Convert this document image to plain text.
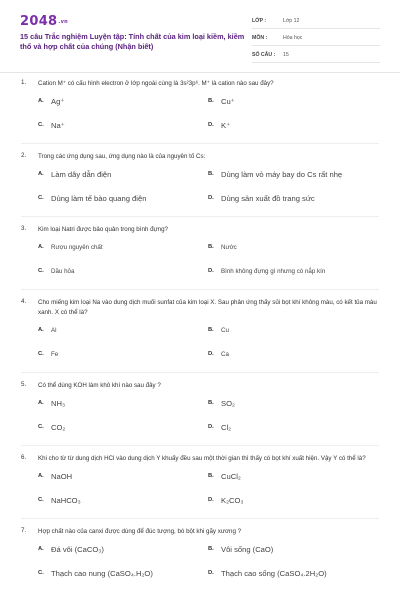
2048.vn
15 câu Trắc nghiệm Luyện tập: Tính chất của kim loại kiềm, kiềm thổ và hợp chất của chúng (Nhận biết)
LỚP :	Lớp 12
MÔN :	Hóa học
SỐ CÂU :	15
1. Cation M⁺ có cấu hình electron ở lớp ngoài cùng là 3s²3p⁶. M⁺ là cation nào sau đây?
A. Ag⁺	B. Cu⁺
C. Na⁺	D. K⁺
2. Trong các ứng dụng sau, ứng dụng nào là của nguyên tố Cs:
A. Làm dây dẫn điện	B. Dùng làm vỏ máy bay do Cs rất nhẹ
C. Dùng làm tế bào quang điện	D. Dùng sản xuất đồ trang sức
3. Kim loại Natri được bảo quản trong bình đựng?
A.	Rượu nguyên chất	B.	Nước
C.	Dầu hỏa	D.	Bình không đựng gì nhưng có nắp kín
4. Cho miếng kim loại Na vào dung dịch muối sunfat của kim loại X. Sau phản ứng thấy sủi bọt khí không màu, có kết tủa màu xanh. X có thể là?
A.	Al	B.	Cu
C.	Fe	D.	Ca
5. Có thể dùng KOH làm khô khí nào sau đây ?
A. NH₃	B. SO₂
C. CO₂	D. Cl₂
6. Khi cho từ từ dung dịch HCl vào dung dịch Y khuấy đều sau một thời gian thì thấy có bọt khí xuất hiện. Vậy Y có thể là?
A. NaOH	B. CuCl₂
C. NaHCO₃	D. K₂CO₃
7. Hợp chất nào của canxi được dùng để đúc tượng, bó bột khi gãy xương ?
A. Đá vôi (CaCO₃)	B. Vôi sống (CaO)
C. Thạch cao nung (CaSO₄.H₂O)	D. Thạch cao sống (CaSO₄.2H₂O)
